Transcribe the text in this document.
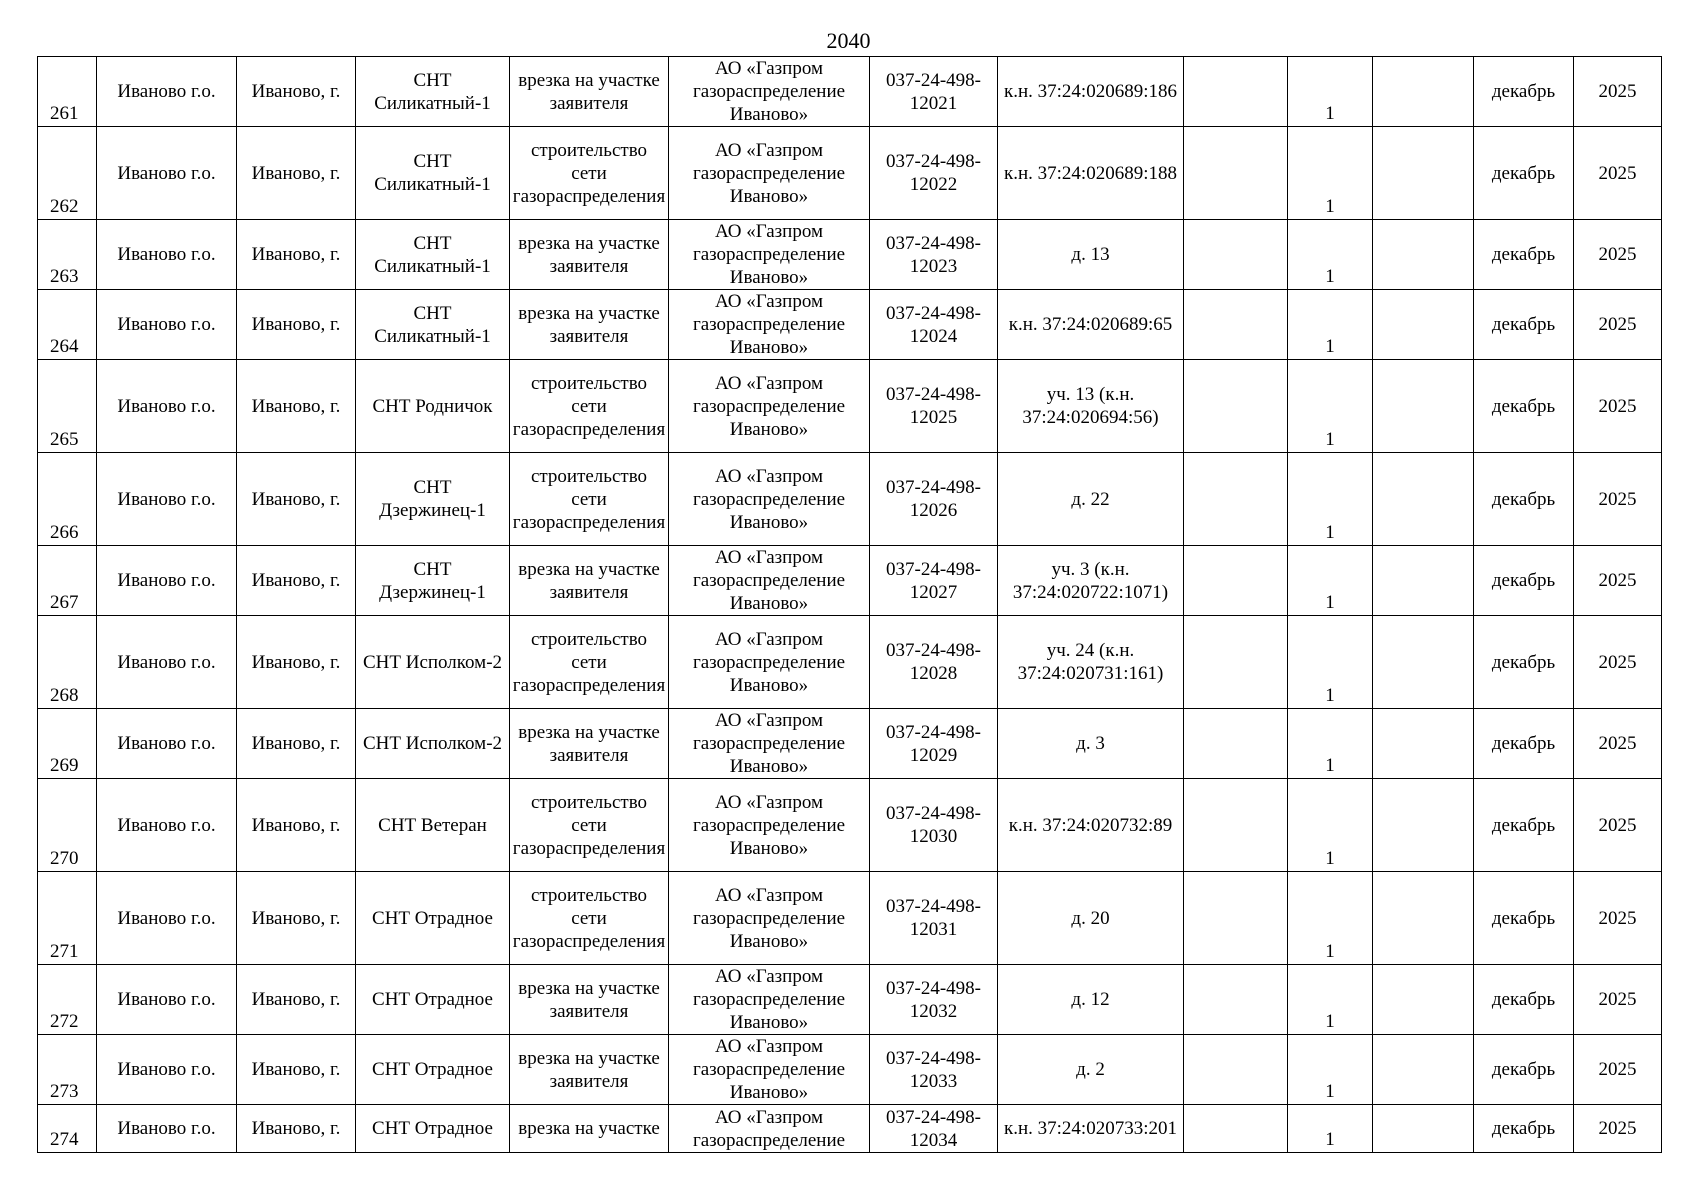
2040
261	Иваново г.о.	Иваново, г.	СНТ Силикатный-1	врезка на участке заявителя	АО «Газпром газораспределение Иваново»	037-24-498-12021	к.н. 37:24:020689:186		1		декабрь	2025
262	Иваново г.о.	Иваново, г.	СНТ Силикатный-1	строительство сети газораспределения	АО «Газпром газораспределение Иваново»	037-24-498-12022	к.н. 37:24:020689:188		1		декабрь	2025
263	Иваново г.о.	Иваново, г.	СНТ Силикатный-1	врезка на участке заявителя	АО «Газпром газораспределение Иваново»	037-24-498-12023	д. 13		1		декабрь	2025
264	Иваново г.о.	Иваново, г.	СНТ Силикатный-1	врезка на участке заявителя	АО «Газпром газораспределение Иваново»	037-24-498-12024	к.н. 37:24:020689:65		1		декабрь	2025
265	Иваново г.о.	Иваново, г.	СНТ Родничок	строительство сети газораспределения	АО «Газпром газораспределение Иваново»	037-24-498-12025	уч. 13 (к.н. 37:24:020694:56)		1		декабрь	2025
266	Иваново г.о.	Иваново, г.	СНТ Дзержинец-1	строительство сети газораспределения	АО «Газпром газораспределение Иваново»	037-24-498-12026	д. 22		1		декабрь	2025
267	Иваново г.о.	Иваново, г.	СНТ Дзержинец-1	врезка на участке заявителя	АО «Газпром газораспределение Иваново»	037-24-498-12027	уч. 3 (к.н. 37:24:020722:1071)		1		декабрь	2025
268	Иваново г.о.	Иваново, г.	СНТ Исполком-2	строительство сети газораспределения	АО «Газпром газораспределение Иваново»	037-24-498-12028	уч. 24 (к.н. 37:24:020731:161)		1		декабрь	2025
269	Иваново г.о.	Иваново, г.	СНТ Исполком-2	врезка на участке заявителя	АО «Газпром газораспределение Иваново»	037-24-498-12029	д. 3		1		декабрь	2025
270	Иваново г.о.	Иваново, г.	СНТ Ветеран	строительство сети газораспределения	АО «Газпром газораспределение Иваново»	037-24-498-12030	к.н. 37:24:020732:89		1		декабрь	2025
271	Иваново г.о.	Иваново, г.	СНТ Отрадное	строительство сети газораспределения	АО «Газпром газораспределение Иваново»	037-24-498-12031	д. 20		1		декабрь	2025
272	Иваново г.о.	Иваново, г.	СНТ Отрадное	врезка на участке заявителя	АО «Газпром газораспределение Иваново»	037-24-498-12032	д. 12		1		декабрь	2025
273	Иваново г.о.	Иваново, г.	СНТ Отрадное	врезка на участке заявителя	АО «Газпром газораспределение Иваново»	037-24-498-12033	д. 2		1		декабрь	2025
274	Иваново г.о.	Иваново, г.	СНТ Отрадное	врезка на участке	АО «Газпром газораспределение	037-24-498-12034	к.н. 37:24:020733:201		1		декабрь	2025
